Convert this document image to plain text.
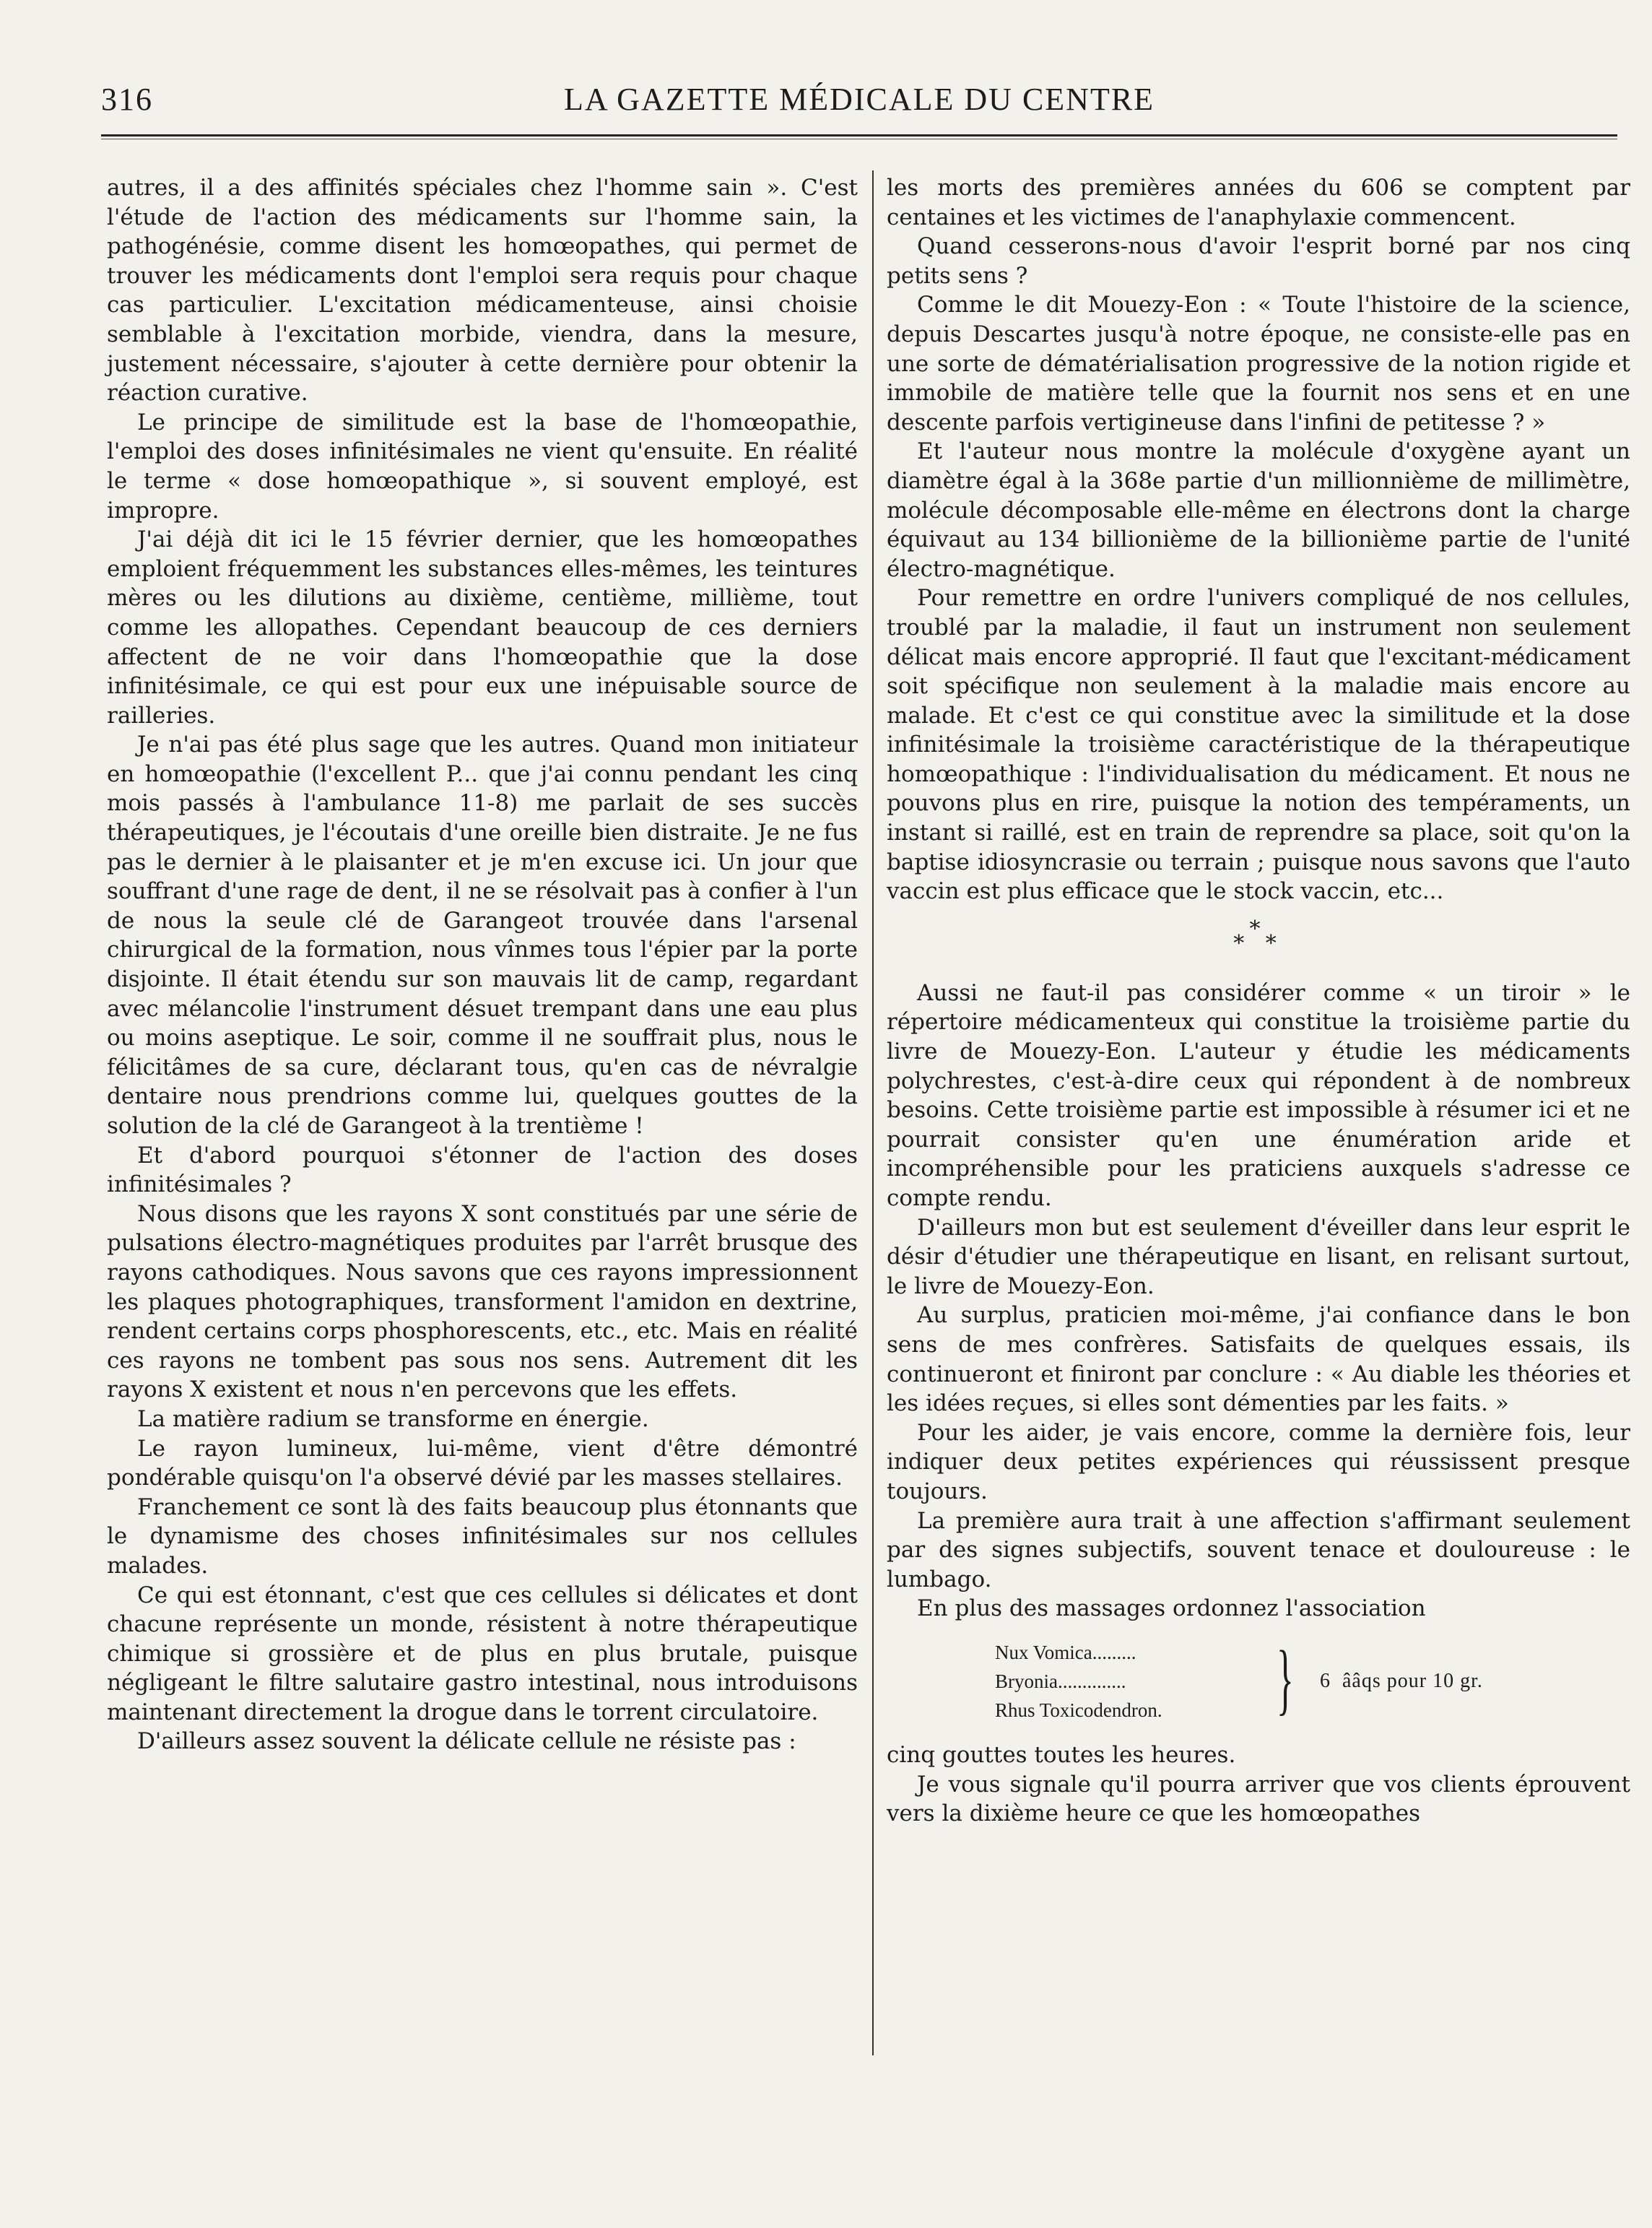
316	LA GAZETTE MÉDICALE DU CENTRE

autres, il a des affinités spéciales chez l'homme sain ». C'est l'étude de l'action des médicaments sur l'homme sain, la pathogénésie, comme disent les homœopathes, qui permet de trouver les médicaments dont l'emploi sera requis pour chaque cas particulier. L'excitation médicamenteuse, ainsi choisie semblable à l'excitation morbide, viendra, dans la mesure, justement nécessaire, s'ajouter à cette dernière pour obtenir la réaction curative.

Le principe de similitude est la base de l'homœopathie, l'emploi des doses infinitésimales ne vient qu'ensuite. En réalité le terme « dose homœopathique », si souvent employé, est impropre.

J'ai déjà dit ici le 15 février dernier, que les homœopathes emploient fréquemment les substances elles-mêmes, les teintures mères ou les dilutions au dixième, centième, millième, tout comme les allopathes. Cependant beaucoup de ces derniers affectent de ne voir dans l'homœopathie que la dose infinitésimale, ce qui est pour eux une inépuisable source de railleries.

Je n'ai pas été plus sage que les autres. Quand mon initiateur en homœopathie (l'excellent P... que j'ai connu pendant les cinq mois passés à l'ambulance 11-8) me parlait de ses succès thérapeutiques, je l'écoutais d'une oreille bien distraite. Je ne fus pas le dernier à le plaisanter et je m'en excuse ici. Un jour que souffrant d'une rage de dent, il ne se résolvait pas à confier à l'un de nous la seule clé de Garangeot trouvée dans l'arsenal chirurgical de la formation, nous vînmes tous l'épier par la porte disjointe. Il était étendu sur son mauvais lit de camp, regardant avec mélancolie l'instrument désuet trempant dans une eau plus ou moins aseptique. Le soir, comme il ne souffrait plus, nous le félicitâmes de sa cure, déclarant tous, qu'en cas de névralgie dentaire nous prendrions comme lui, quelques gouttes de la solution de la clé de Garangeot à la trentième !

Et d'abord pourquoi s'étonner de l'action des doses infinitésimales ?

Nous disons que les rayons X sont constitués par une série de pulsations électro-magnétiques produites par l'arrêt brusque des rayons cathodiques. Nous savons que ces rayons impressionnent les plaques photographiques, transforment l'amidon en dextrine, rendent certains corps phosphorescents, etc., etc. Mais en réalité ces rayons ne tombent pas sous nos sens. Autrement dit les rayons X existent et nous n'en percevons que les effets.

La matière radium se transforme en énergie.

Le rayon lumineux, lui-même, vient d'être démontré pondérable quisqu'on l'a observé dévié par les masses stellaires.

Franchement ce sont là des faits beaucoup plus étonnants que le dynamisme des choses infinitésimales sur nos cellules malades.

Ce qui est étonnant, c'est que ces cellules si délicates et dont chacune représente un monde, résistent à notre thérapeutique chimique si grossière et de plus en plus brutale, puisque négligeant le filtre salutaire gastro intestinal, nous introduisons maintenant directement la drogue dans le torrent circulatoire.

D'ailleurs assez souvent la délicate cellule ne résiste pas :

les morts des premières années du 606 se comptent par centaines et les victimes de l'anaphylaxie commencent.

Quand cesserons-nous d'avoir l'esprit borné par nos cinq petits sens ?

Comme le dit Mouezy-Eon : « Toute l'histoire de la science, depuis Descartes jusqu'à notre époque, ne consiste-elle pas en une sorte de dématérialisation progressive de la notion rigide et immobile de matière telle que la fournit nos sens et en une descente parfois vertigineuse dans l'infini de petitesse ? »

Et l'auteur nous montre la molécule d'oxygène ayant un diamètre égal à la 368e partie d'un millionnième de millimètre, molécule décomposable elle-même en électrons dont la charge équivaut au 134 billionième de la billionième partie de l'unité électro-magnétique.

Pour remettre en ordre l'univers compliqué de nos cellules, troublé par la maladie, il faut un instrument non seulement délicat mais encore approprié. Il faut que l'excitant-médicament soit spécifique non seulement à la maladie mais encore au malade. Et c'est ce qui constitue avec la similitude et la dose infinitésimale la troisième caractéristique de la thérapeutique homœopathique : l'individualisation du médicament. Et nous ne pouvons plus en rire, puisque la notion des tempéraments, un instant si raillé, est en train de reprendre sa place, soit qu'on la baptise idiosyncrasie ou terrain ; puisque nous savons que l'auto vaccin est plus efficace que le stock vaccin, etc...

*
* *

Aussi ne faut-il pas considérer comme « un tiroir » le répertoire médicamenteux qui constitue la troisième partie du livre de Mouezy-Eon. L'auteur y étudie les médicaments polychrestes, c'est-à-dire ceux qui répondent à de nombreux besoins. Cette troisième partie est impossible à résumer ici et ne pourrait consister qu'en une énumération aride et incompréhensible pour les praticiens auxquels s'adresse ce compte rendu.

D'ailleurs mon but est seulement d'éveiller dans leur esprit le désir d'étudier une thérapeutique en lisant, en relisant surtout, le livre de Mouezy-Eon.

Au surplus, praticien moi-même, j'ai confiance dans le bon sens de mes confrères. Satisfaits de quelques essais, ils continueront et finiront par conclure : « Au diable les théories et les idées reçues, si elles sont démenties par les faits. »

Pour les aider, je vais encore, comme la dernière fois, leur indiquer deux petites expériences qui réussissent presque toujours.

La première aura trait à une affection s'affirmant seulement par des signes subjectifs, souvent tenace et douloureuse : le lumbago.

En plus des massages ordonnez l'association

Nux Vomica.........
Bryonia..............
Rhus Toxicodendron. } 6  ââqs pour 10 gr.

cinq gouttes toutes les heures.

Je vous signale qu'il pourra arriver que vos clients éprouvent vers la dixième heure ce que les homœopathes
